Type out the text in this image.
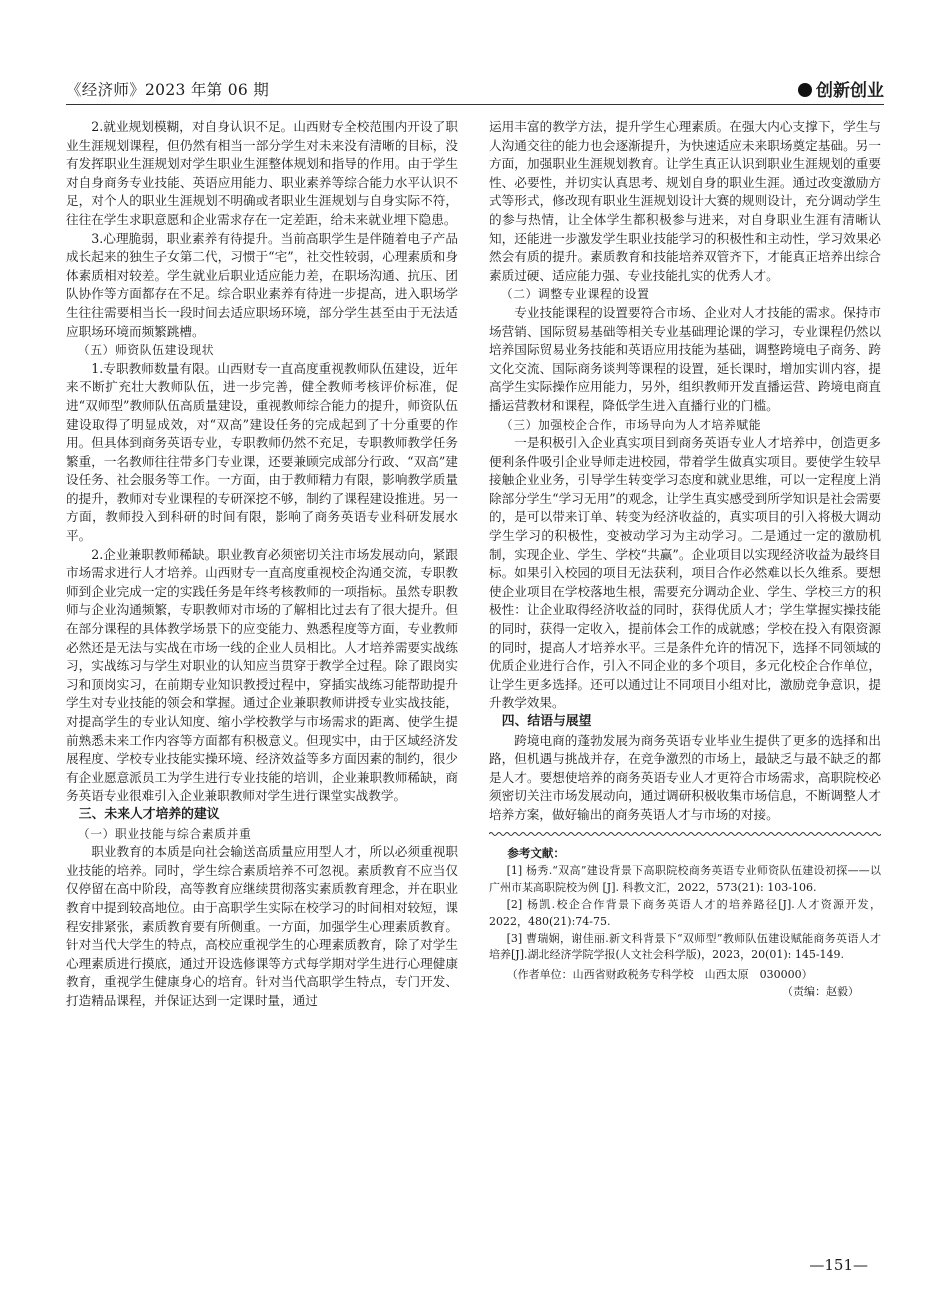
《经济师》2023 年第 06 期	创新创业

2.就业规划模糊，对自身认识不足。山西财专全校范围内开设了职业生涯规划课程，但仍然有相当一部分学生对未来没有清晰的目标，没有发挥职业生涯规划对学生职业生涯整体规划和指导的作用。由于学生对自身商务专业技能、英语应用能力、职业素养等综合能力水平认识不足，对个人的职业生涯规划不明确或者职业生涯规划与自身实际不符，往往在学生求职意愿和企业需求存在一定差距，给未来就业埋下隐患。

3.心理脆弱，职业素养有待提升。当前高职学生是伴随着电子产品成长起来的独生子女第二代，习惯于“宅”，社交性较弱，心理素质和身体素质相对较差。学生就业后职业适应能力差，在职场沟通、抗压、团队协作等方面都存在不足。综合职业素养有待进一步提高，进入职场学生往往需要相当长一段时间去适应职场环境，部分学生甚至由于无法适应职场环境而频繁跳槽。

（五）师资队伍建设现状

1.专职教师数量有限。山西财专一直高度重视教师队伍建设，近年来不断扩充壮大教师队伍，进一步完善，健全教师考核评价标准，促进“双师型”教师队伍高质量建设，重视教师综合能力的提升，师资队伍建设取得了明显成效，对“双高”建设任务的完成起到了十分重要的作用。但具体到商务英语专业，专职教师仍然不充足，专职教师教学任务繁重，一名教师往往带多门专业课，还要兼顾完成部分行政、“双高”建设任务、社会服务等工作。一方面，由于教师精力有限，影响教学质量的提升，教师对专业课程的专研深挖不够，制约了课程建设推进。另一方面，教师投入到科研的时间有限，影响了商务英语专业科研发展水平。

2.企业兼职教师稀缺。职业教育必须密切关注市场发展动向，紧跟市场需求进行人才培养。山西财专一直高度重视校企沟通交流，专职教师到企业完成一定的实践任务是年终考核教师的一项指标。虽然专职教师与企业沟通频繁，专职教师对市场的了解相比过去有了很大提升。但在部分课程的具体教学场景下的应变能力、熟悉程度等方面，专业教师必然还是无法与实战在市场一线的企业人员相比。人才培养需要实战练习，实战练习与学生对职业的认知应当贯穿于教学全过程。除了跟岗实习和顶岗实习，在前期专业知识教授过程中，穿插实战练习能帮助提升学生对专业技能的领会和掌握。通过企业兼职教师讲授专业实战技能，对提高学生的专业认知度、缩小学校教学与市场需求的距离、使学生提前熟悉未来工作内容等方面都有积极意义。但现实中，由于区域经济发展程度、学校专业技能实操环境、经济效益等多方面因素的制约，很少有企业愿意派员工为学生进行专业技能的培训，企业兼职教师稀缺，商务英语专业很难引入企业兼职教师对学生进行课堂实战教学。

三、未来人才培养的建议

（一）职业技能与综合素质并重

职业教育的本质是向社会输送高质量应用型人才，所以必须重视职业技能的培养。同时，学生综合素质培养不可忽视。素质教育不应当仅仅停留在高中阶段，高等教育应继续贯彻落实素质教育理念，并在职业教育中提到较高地位。由于高职学生实际在校学习的时间相对较短，课程安排紧张，素质教育要有所侧重。一方面，加强学生心理素质教育。针对当代大学生的特点，高校应重视学生的心理素质教育，除了对学生心理素质进行摸底，通过开设选修课等方式每学期对学生进行心理健康教育，重视学生健康身心的培育。针对当代高职学生特点，专门开发、打造精品课程，并保证达到一定课时量，通过

运用丰富的教学方法，提升学生心理素质。在强大内心支撑下，学生与人沟通交往的能力也会逐渐提升，为快速适应未来职场奠定基础。另一方面，加强职业生涯规划教育。让学生真正认识到职业生涯规划的重要性、必要性，并切实认真思考、规划自身的职业生涯。通过改变激励方式等形式，修改现有职业生涯规划设计大赛的规则设计，充分调动学生的参与热情，让全体学生都积极参与进来，对自身职业生涯有清晰认知，还能进一步激发学生职业技能学习的积极性和主动性，学习效果必然会有质的提升。素质教育和技能培养双管齐下，才能真正培养出综合素质过硬、适应能力强、专业技能扎实的优秀人才。

（二）调整专业课程的设置

专业技能课程的设置要符合市场、企业对人才技能的需求。保持市场营销、国际贸易基础等相关专业基础理论课的学习，专业课程仍然以培养国际贸易业务技能和英语应用技能为基础，调整跨境电子商务、跨文化交流、国际商务谈判等课程的设置，延长课时，增加实训内容，提高学生实际操作应用能力，另外，组织教师开发直播运营、跨境电商直播运营教材和课程，降低学生进入直播行业的门槛。

（三）加强校企合作，市场导向为人才培养赋能

一是积极引入企业真实项目到商务英语专业人才培养中，创造更多便利条件吸引企业导师走进校园，带着学生做真实项目。要使学生较早接触企业业务，引导学生转变学习态度和就业思维，可以一定程度上消除部分学生“学习无用”的观念，让学生真实感受到所学知识是社会需要的，是可以带来订单、转变为经济收益的，真实项目的引入将极大调动学生学习的积极性，变被动学习为主动学习。二是通过一定的激励机制，实现企业、学生、学校“共赢”。企业项目以实现经济收益为最终目标。如果引入校园的项目无法获利，项目合作必然难以长久维系。要想使企业项目在学校落地生根，需要充分调动企业、学生、学校三方的积极性：让企业取得经济收益的同时，获得优质人才；学生掌握实操技能的同时，获得一定收入，提前体会工作的成就感；学校在投入有限资源的同时，提高人才培养水平。三是条件允许的情况下，选择不同领域的优质企业进行合作，引入不同企业的多个项目，多元化校企合作单位，让学生更多选择。还可以通过让不同项目小组对比，激励竞争意识，提升教学效果。

四、结语与展望

跨境电商的蓬勃发展为商务英语专业毕业生提供了更多的选择和出路，但机遇与挑战并存，在竞争激烈的市场上，最缺乏与最不缺乏的都是人才。要想使培养的商务英语专业人才更符合市场需求，高职院校必须密切关注市场发展动向，通过调研积极收集市场信息，不断调整人才培养方案，做好输出的商务英语人才与市场的对接。

参考文献：

[1] 杨秀.“双高”建设背景下高职院校商务英语专业师资队伍建设初探——以广州市某高职院校为例 [J]. 科教文汇，2022，573(21): 103-106.

[2] 杨凯.校企合作背景下商务英语人才的培养路径[J].人才资源开发，2022，480(21):74-75.

[3] 曹瑞娴，谢佳丽.新文科背景下“双师型”教师队伍建设赋能商务英语人才培养[J].湖北经济学院学报(人文社会科学版)，2023，20(01): 145-149.

（作者单位：山西省财政税务专科学校　山西太原　030000）
（责编：赵毅）
—151—
